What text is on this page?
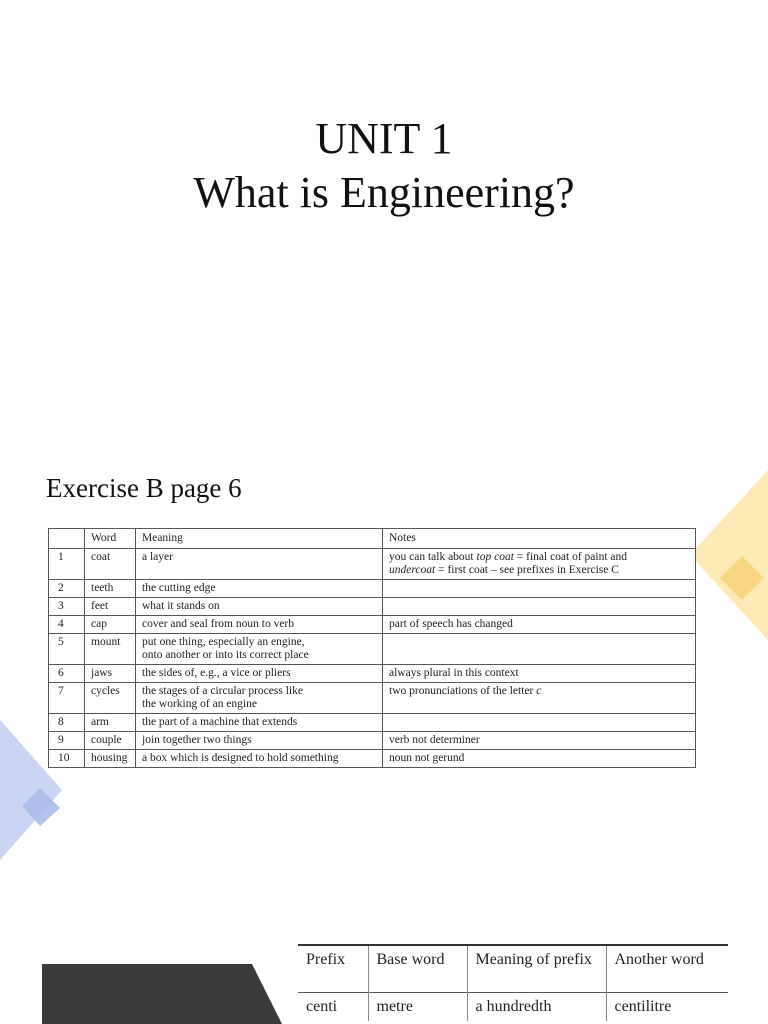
UNIT 1
What is Engineering?
Exercise B page 6
	Word	Meaning	Notes
1	coat	a layer	you can talk about top coat = final coat of paint and
undercoat = first coat – see prefixes in Exercise C

2	teeth	the cutting edge	

3	feet	what it stands on	

4	cap	cover and seal from noun to verb	part of speech has changed

5	mount	put one thing, especially an engine,
onto another or into its correct place	

6	jaws	the sides of, e.g., a vice or pliers	always plural in this context

7	cycles	the stages of a circular process like
the working of an engine	two pronunciations of the letter c

8	arm	the part of a machine that extends	

9	couple	join together two things	verb not determiner

10	housing	a box which is designed to hold something	noun not gerund
Prefix	Base word	Meaning of prefix	Another word
centi	metre	a hundredth	centilitre
